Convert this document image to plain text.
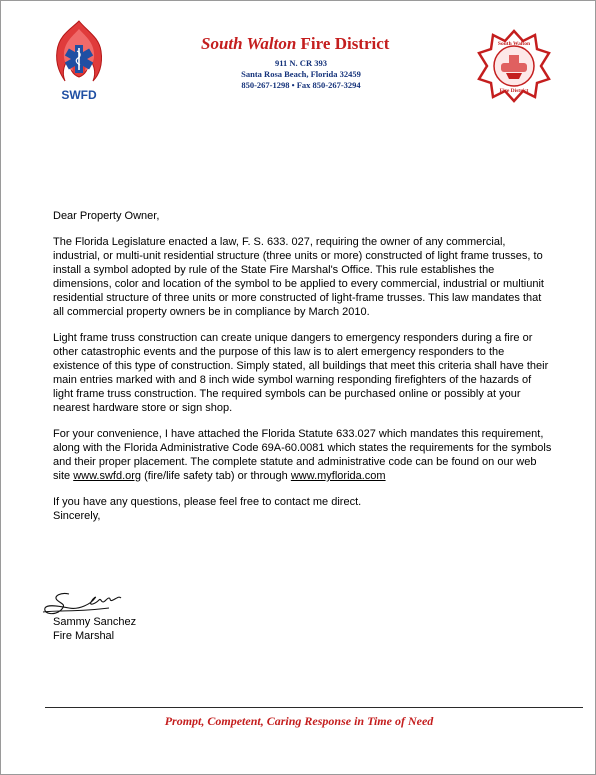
SWFD
South Walton Fire District
911 N. CR 393
Santa Rosa Beach, Florida 32459
850-267-1298 • Fax 850-267-3294
South Walton
Fire District

Dear Property Owner,

The Florida Legislature enacted a law, F. S. 633. 027, requiring the owner of any commercial, industrial, or multi-unit residential structure (three units or more) constructed of light frame trusses, to install a symbol adopted by rule of the State Fire Marshal's Office. This rule establishes the dimensions, color and location of the symbol to be applied to every commercial, industrial or multiunit residential structure of three units or more constructed of light-frame trusses. This law mandates that all commercial property owners be in compliance by March 2010.

Light frame truss construction can create unique dangers to emergency responders during a fire or other catastrophic events and the purpose of this law is to alert emergency responders to the existence of this type of construction. Simply stated, all buildings that meet this criteria shall have their main entries marked with and 8 inch wide symbol warning responding firefighters of the hazards of light frame truss construction. The required symbols can be purchased online or possibly at your nearest hardware store or sign shop.

For your convenience, I have attached the Florida Statute 633.027 which mandates this requirement, along with the Florida Administrative Code 69A-60.0081 which states the requirements for the symbols and their proper placement. The complete statute and administrative code can be found on our web site www.swfd.org (fire/life safety tab) or through www.myflorida.com

If you have any questions, please feel free to contact me direct.

Sincerely,

Sammy Sanchez
Fire Marshal
Prompt, Competent, Caring Response in Time of Need
